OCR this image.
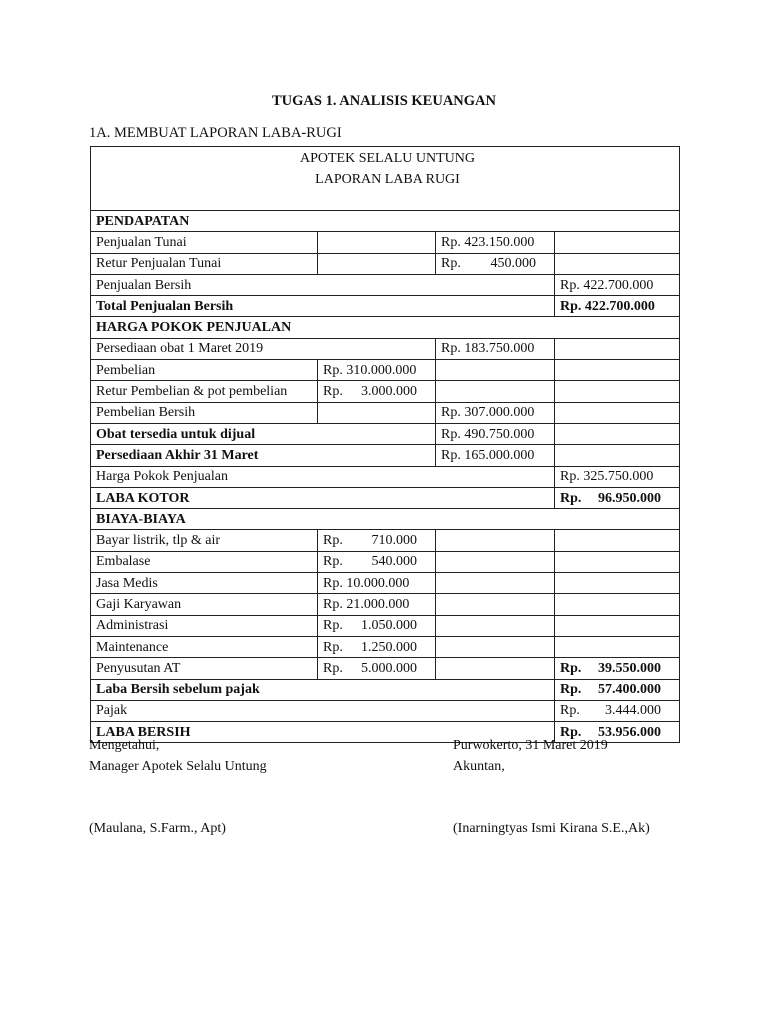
TUGAS 1. ANALISIS KEUANGAN
1A. MEMBUAT LAPORAN LABA-RUGI
APOTEK SELALU UNTUNG
LAPORAN LABA RUGI			

PENDAPATAN			
Penjualan Tunai		Rp. 423.150.000	
Retur Penjualan Tunai		Rp. 450.000	

Penjualan Bersih			Rp. 422.700.000
Total Penjualan Bersih			Rp. 422.700.000
HARGA POKOK PENJUALAN			
Persediaan obat 1 Maret 2019		Rp. 183.750.000	
Pembelian	Rp. 310.000.000		
Retur Pembelian & pot pembelian	Rp. 3.000.000		

Pembelian Bersih		Rp. 307.000.000	
Obat tersedia untuk dijual		Rp. 490.750.000	
Persediaan Akhir 31 Maret		Rp. 165.000.000	
Harga Pokok Penjualan			Rp. 325.750.000
LABA KOTOR			Rp. 96.950.000

BIAYA-BIAYA			
Bayar listrik, tlp & air	Rp. 710.000		

Embalase	Rp. 540.000		

Jasa Medis	Rp. 10.000.000		
Gaji Karyawan	Rp. 21.000.000		
Administrasi	Rp. 1.050.000		

Maintenance	Rp. 1.250.000		

Penyusutan AT	Rp. 5.000.000		Rp. 39.550.000

Laba Bersih sebelum pajak			Rp. 57.400.000

Pajak			Rp. 3.444.000

LABA BERSIH			Rp. 53.956.000
Mengetahui,
Manager Apotek Selalu Untung
(Maulana, S.Farm., Apt)
Purwokerto, 31 Maret 2019
Akuntan,
(Inarningtyas Ismi Kirana S.E.,Ak)
